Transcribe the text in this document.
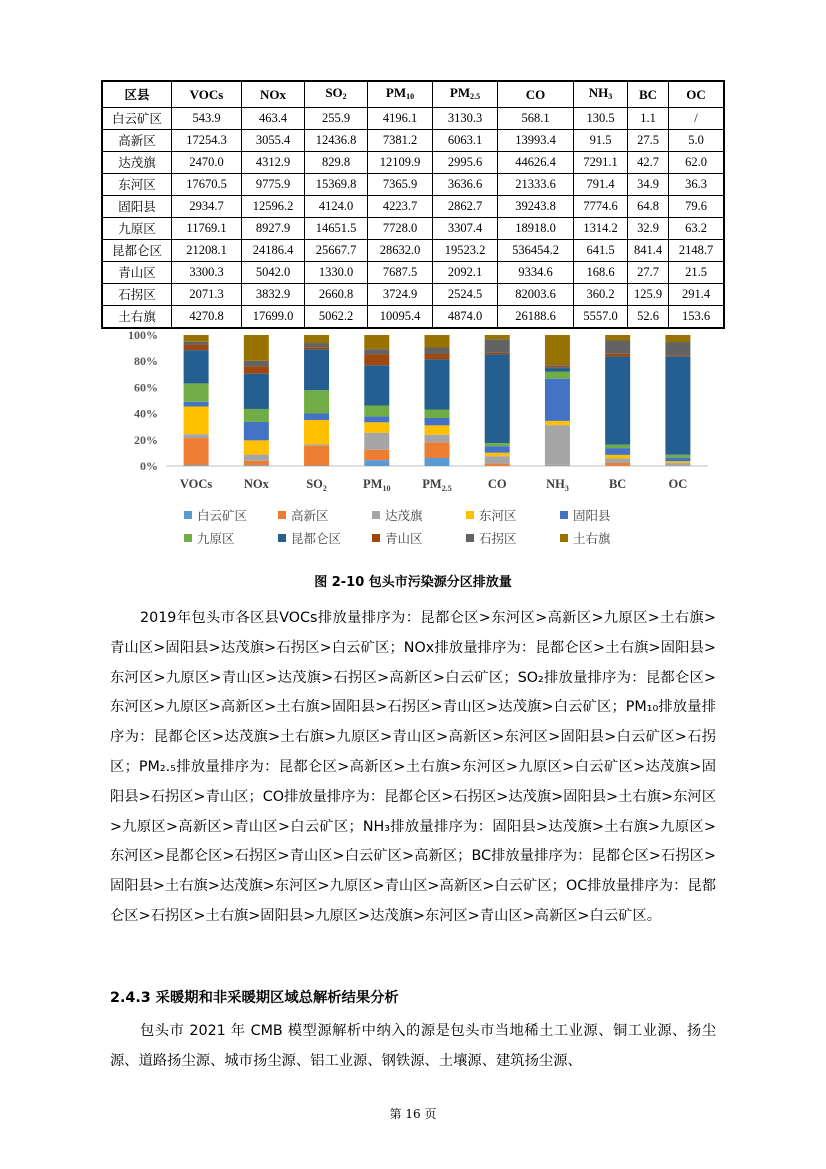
区县	VOCs	NOx	$SO_2$	$PM_{10}$	$PM_{2.5}$	CO	$NH_3$	BC	OC
白云矿区	543.9	463.4	255.9	4196.1	3130.3	568.1	130.5	1.1	/
高新区	17254.3	3055.4	12436.8	7381.2	6063.1	13993.4	91.5	27.5	5.0
达茂旗	2470.0	4312.9	829.8	12109.9	2995.6	44626.4	7291.1	42.7	62.0
东河区	17670.5	9775.9	15369.8	7365.9	3636.6	21333.6	791.4	34.9	36.3
固阳县	2934.7	12596.2	4124.0	4223.7	2862.7	39243.8	7774.6	64.8	79.6
九原区	11769.1	8927.9	14651.5	7728.0	3307.4	18918.0	1314.2	32.9	63.2
昆都仑区	21208.1	24186.4	25667.7	28632.0	19523.2	536454.2	641.5	841.4	2148.7
青山区	3300.3	5042.0	1330.0	7687.5	2092.1	9334.6	168.6	27.7	21.5
石拐区	2071.3	3832.9	2660.8	3724.9	2524.5	82003.6	360.2	125.9	291.4
土右旗	4270.8	17699.0	5062.2	10095.4	4874.0	26188.6	5557.0	52.6	153.6
0%
20%
40%
60%
80%
100%
VOCs	NOx	$SO_2$	$PM_{10}$	$PM_{2.5}$	CO	$NH_3$	BC	OC
白云矿区	高新区	达茂旗	东河区	固阳县
九原区	昆都仑区	青山区	石拐区	土右旗
图 2-10 包头市污染源分区排放量
2019年包头市各区县VOCs排放量排序为：昆都仑区>东河区>高新区>九原区>土右旗>青山区>固阳县>达茂旗>石拐区>白云矿区；NOx排放量排序为：昆都仑区>土右旗>固阳县>东河区>九原区>青山区>达茂旗>石拐区>高新区>白云矿区；SO₂排放量排序为：昆都仑区>东河区>九原区>高新区>土右旗>固阳县>石拐区>青山区>达茂旗>白云矿区；PM₁₀排放量排序为：昆都仑区>达茂旗>土右旗>九原区>青山区>高新区>东河区>固阳县>白云矿区>石拐区；PM₂.₅排放量排序为：昆都仑区>高新区>土右旗>东河区>九原区>白云矿区>达茂旗>固阳县>石拐区>青山区；CO排放量排序为：昆都仑区>石拐区>达茂旗>固阳县>土右旗>东河区>九原区>高新区>青山区>白云矿区；NH₃排放量排序为：固阳县>达茂旗>土右旗>九原区>东河区>昆都仑区>石拐区>青山区>白云矿区>高新区；BC排放量排序为：昆都仑区>石拐区>固阳县>土右旗>达茂旗>东河区>九原区>青山区>高新区>白云矿区；OC排放量排序为：昆都仑区>石拐区>土右旗>固阳县>九原区>达茂旗>东河区>青山区>高新区>白云矿区。
2.4.3 采暖期和非采暖期区域总解析结果分析
包头市 2021 年 CMB 模型源解析中纳入的源是包头市当地稀土工业源、铜工业源、扬尘源、道路扬尘源、城市扬尘源、铝工业源、钢铁源、土壤源、建筑扬尘源、
第 16 页
